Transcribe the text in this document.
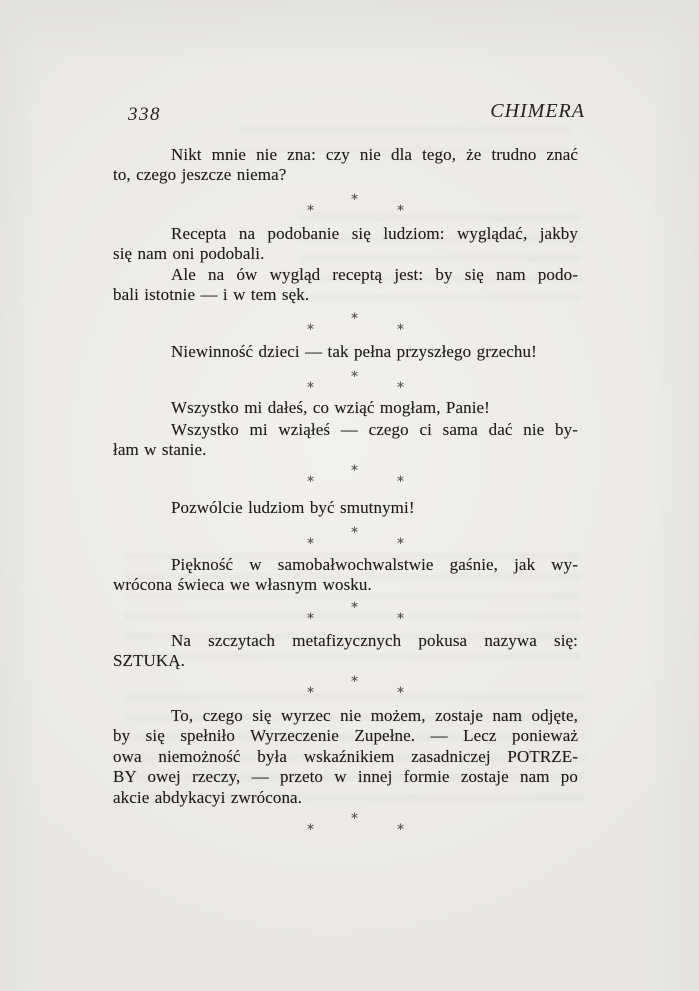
338	CHIMERA
Nikt mnie nie zna: czy nie dla tego, że trudno znać
to, czego jeszcze niema?
*
*	*
Recepta na podobanie się ludziom: wyglądać, jakby
się nam oni podobali.
Ale na ów wygląd receptą jest: by się nam podo-
bali istotnie — i w tem sęk.
*
*	*
Niewinność dzieci — tak pełna przyszłego grzechu!
*
*	*
Wszystko mi dałeś, co wziąć mogłam, Panie!
Wszystko mi wziąłeś — czego ci sama dać nie by-
łam w stanie.
*
*	*
Pozwólcie ludziom być smutnymi!
*
*	*
Piękność w samobałwochwalstwie gaśnie, jak wy-
wrócona świeca we własnym wosku.
*
*	*
Na szczytach metafizycznych pokusa nazywa się:
SZTUKĄ.
*
*	*
To, czego się wyrzec nie możem, zostaje nam odjęte,
by się spełniło Wyrzeczenie Zupełne. — Lecz ponieważ
owa niemożność była wskaźnikiem zasadniczej POTRZE-
BY owej rzeczy, — przeto w innej formie zostaje nam po
akcie abdykacyi zwrócona.
*
*	*
